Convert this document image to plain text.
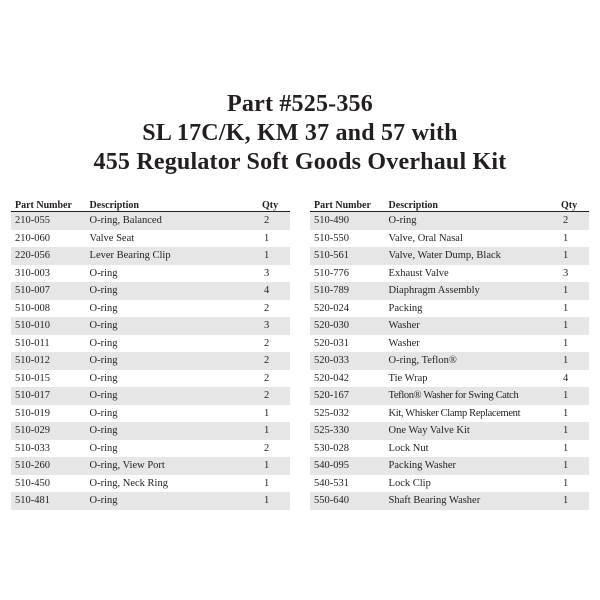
Part #525-356
SL 17C/K, KM 37 and 57 with
455 Regulator Soft Goods Overhaul Kit
Part Number	Description	Qty
210-055	O-ring, Balanced	2
210-060	Valve Seat	1
220-056	Lever Bearing Clip	1
310-003	O-ring	3
510-007	O-ring	4
510-008	O-ring	2
510-010	O-ring	3
510-011	O-ring	2
510-012	O-ring	2
510-015	O-ring	2
510-017	O-ring	2
510-019	O-ring	1
510-029	O-ring	1
510-033	O-ring	2
510-260	O-ring, View Port	1
510-450	O-ring, Neck Ring	1
510-481	O-ring	1
Part Number	Description	Qty
510-490	O-ring	2
510-550	Valve, Oral Nasal	1
510-561	Valve, Water Dump, Black	1
510-776	Exhaust Valve	3
510-789	Diaphragm Assembly	1
520-024	Packing	1
520-030	Washer	1
520-031	Washer	1
520-033	O-ring, Teflon®	1
520-042	Tie Wrap	4
520-167	Teflon® Washer for Swing Catch	1
525-032	Kit, Whisker Clamp Replacement	1
525-330	One Way Valve Kit	1
530-028	Lock Nut	1
540-095	Packing Washer	1
540-531	Lock Clip	1
550-640	Shaft Bearing Washer	1
